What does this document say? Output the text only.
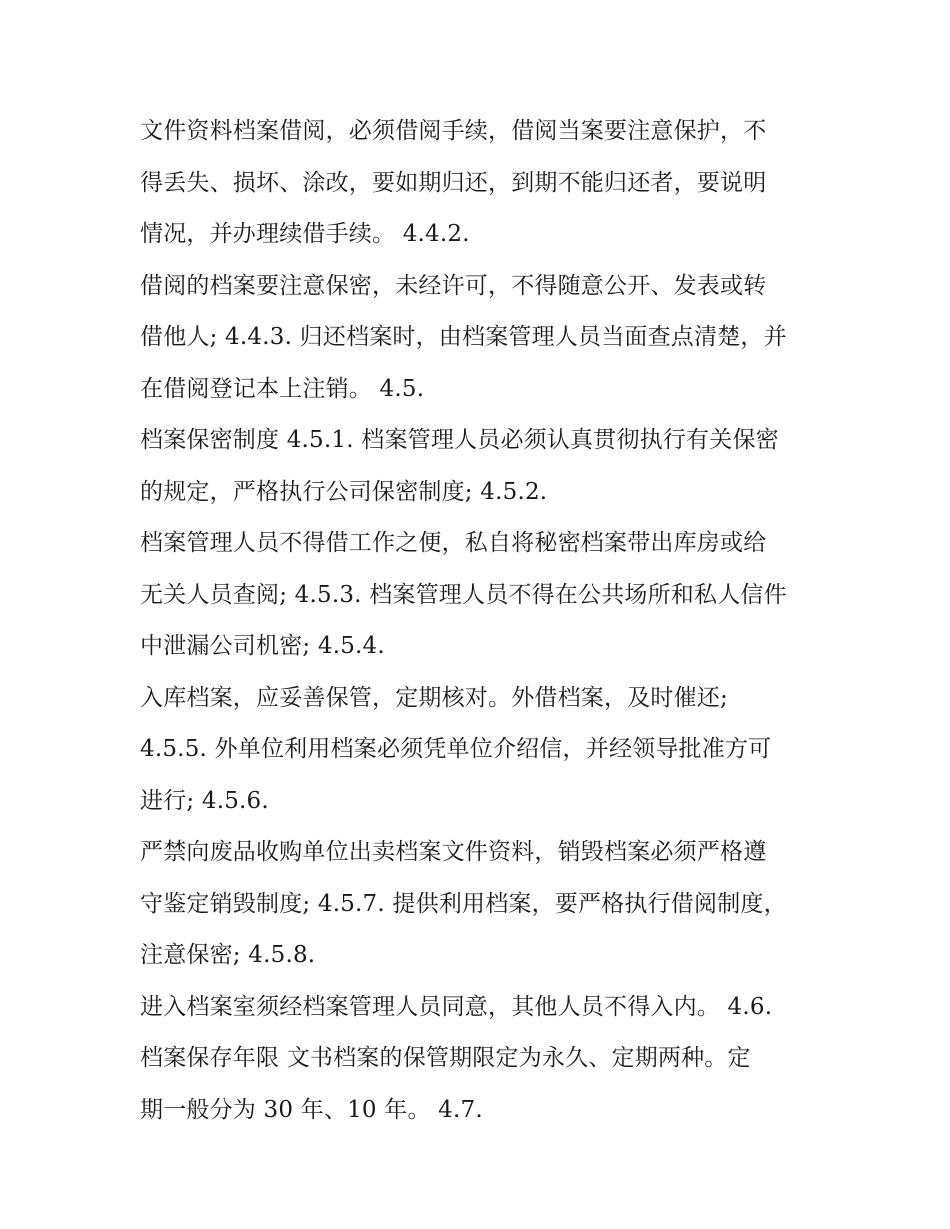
文件资料档案借阅，必须借阅手续，借阅当案要注意保护，不
得丢失、损坏、涂改，要如期归还，到期不能归还者，要说明
情况，并办理续借手续。 4.4.2.
借阅的档案要注意保密，未经许可，不得随意公开、发表或转
借他人; 4.4.3. 归还档案时，由档案管理人员当面查点清楚，并
在借阅登记本上注销。 4.5.
档案保密制度 4.5.1. 档案管理人员必须认真贯彻执行有关保密
的规定，严格执行公司保密制度; 4.5.2.
档案管理人员不得借工作之便，私自将秘密档案带出库房或给
无关人员查阅; 4.5.3. 档案管理人员不得在公共场所和私人信件
中泄漏公司机密; 4.5.4.
入库档案，应妥善保管，定期核对。外借档案，及时催还;
4.5.5. 外单位利用档案必须凭单位介绍信，并经领导批准方可
进行; 4.5.6.
严禁向废品收购单位出卖档案文件资料，销毁档案必须严格遵
守鉴定销毁制度; 4.5.7. 提供利用档案，要严格执行借阅制度，
注意保密; 4.5.8.
进入档案室须经档案管理人员同意，其他人员不得入内。 4.6.
档案保存年限 文书档案的保管期限定为永久、定期两种。定
期一般分为 30 年、10 年。 4.7.
